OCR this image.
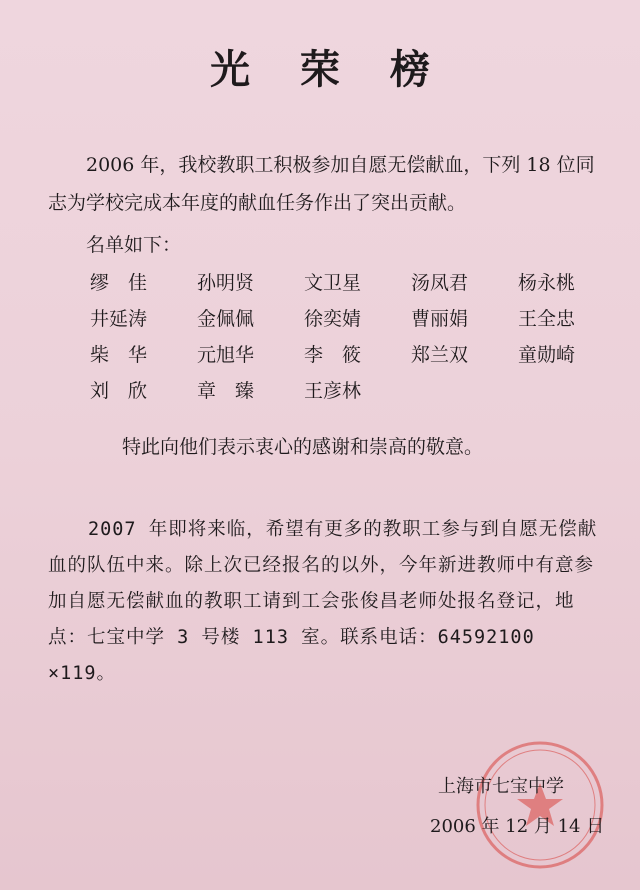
光 荣 榜

2006 年，我校教职工积极参加自愿无偿献血，下列 18 位同志为学校完成本年度的献血任务作出了突出贡献。

名单如下：

缪　佳	孙明贤	文卫星	汤凤君	杨永桃
井延涛	金佩佩	徐奕婧	曹丽娟	王全忠
柴　华	元旭华	李　筱	郑兰双	童勋崎
刘　欣	章　臻	王彦林

特此向他们表示衷心的感谢和崇高的敬意。

2007 年即将来临，希望有更多的教职工参与到自愿无偿献血的队伍中来。除上次已经报名的以外，今年新进教师中有意参加自愿无偿献血的教职工请到工会张俊昌老师处报名登记，地点：七宝中学 3 号楼 113 室。联系电话：64592100 ×119。

上海市七宝中学

2006 年 12 月 14 日
